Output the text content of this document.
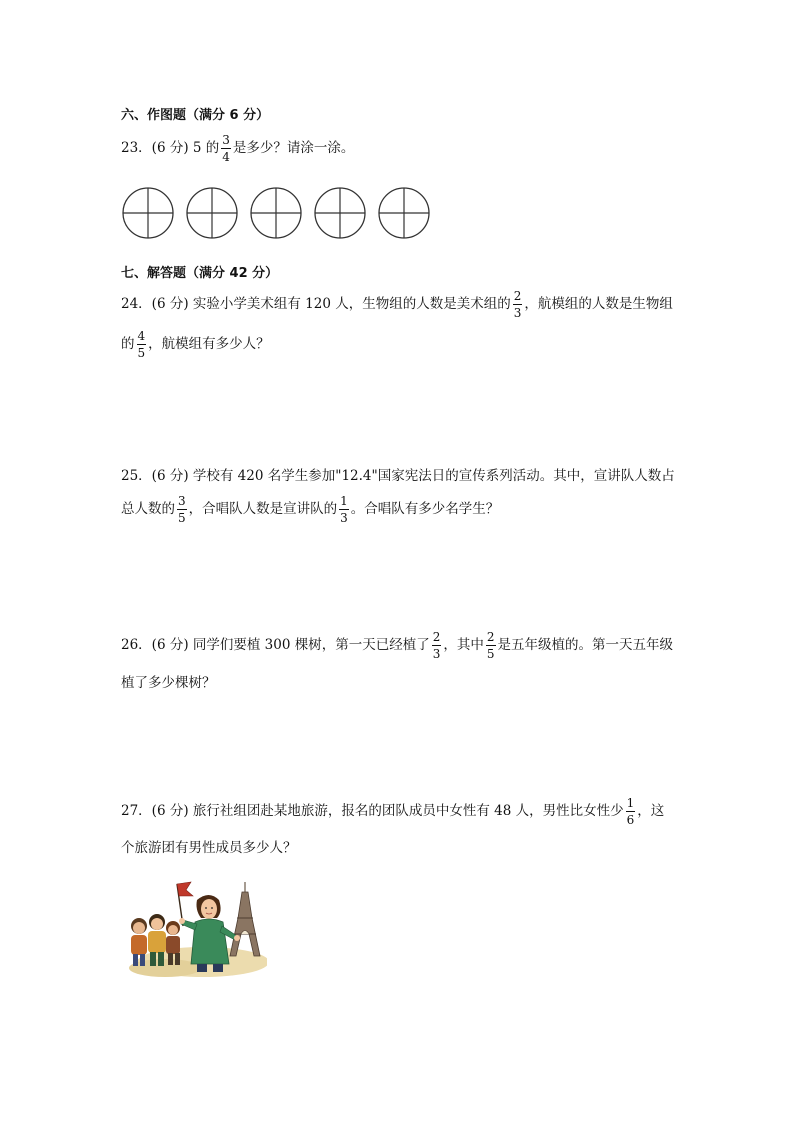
六、作图题（满分 6 分）
23．(6 分) 5 的 $\frac{3}{4}$ 是多少？请涂一涂。
七、解答题（满分 42 分）
24．(6 分) 实验小学美术组有 120 人，生物组的人数是美术组的 $\frac{2}{3}$ ，航模组的人数是生物组
的 $\frac{4}{5}$ ，航模组有多少人？
25．(6 分) 学校有 420 名学生参加"12.4"国家宪法日的宣传系列活动。其中，宣讲队人数占
总人数的 $\frac{3}{5}$ ，合唱队人数是宣讲队的 $\frac{1}{3}$ 。合唱队有多少名学生？
26．(6 分) 同学们要植 300 棵树，第一天已经植了 $\frac{2}{3}$ ，其中 $\frac{2}{5}$ 是五年级植的。第一天五年级
植了多少棵树？
27．(6 分) 旅行社组团赴某地旅游，报名的团队成员中女性有 48 人，男性比女性少 $\frac{1}{6}$ ，这
个旅游团有男性成员多少人？
